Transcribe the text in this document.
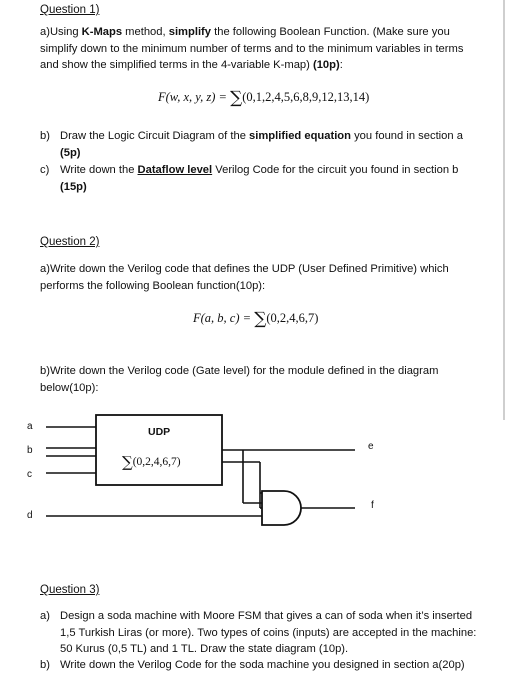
Question 1)
a)Using K-Maps method, simplify the following Boolean Function. (Make sure you simplify down to the minimum number of terms and to the minimum variables in terms and show the simplified terms in the 4-variable K-map) (10p):
F(w, x, y, z) = ∑(0,1,2,4,5,6,8,9,12,13,14)
b) Draw the Logic Circuit Diagram of the simplified equation you found in section a (5p)
c) Write down the Dataflow level Verilog Code for the circuit you found in section b (15p)
Question 2)
a)Write down the Verilog code that defines the UDP (User Defined Primitive) which performs the following Boolean function(10p):
F(a, b, c) = ∑(0,2,4,6,7)
b)Write down the Verilog code (Gate level) for the module defined in the diagram below(10p):
a
b
c
d
UDP
∑(0,2,4,6,7)
e
f
Question 3)
a) Design a soda machine with Moore FSM that gives a can of soda when it’s inserted 1,5 Turkish Liras (or more). Two types of coins (inputs) are accepted in the machine: 50 Kurus (0,5 TL) and 1 TL. Draw the state diagram (10p).
b) Write down the Verilog Code for the soda machine you designed in section a(20p)
